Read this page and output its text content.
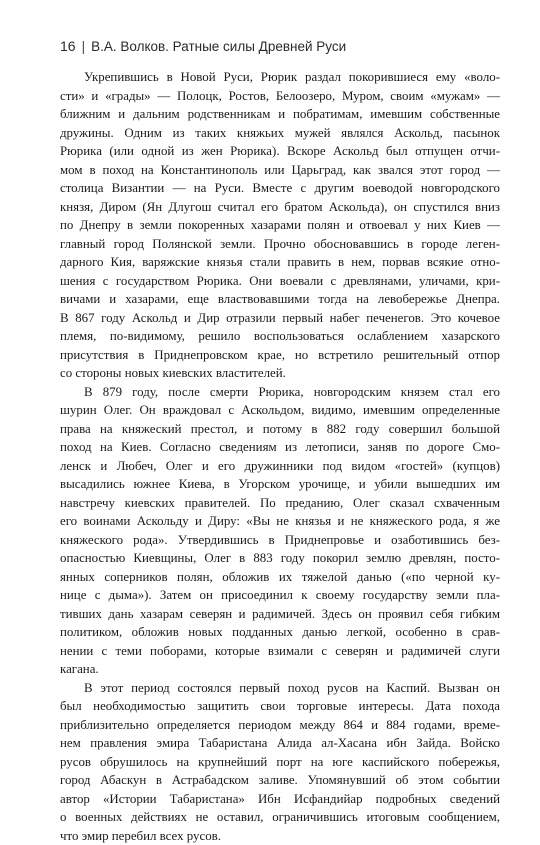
16 | В.А. Волков. Ратные силы Древней Руси
Укрепившись в Новой Руси, Рюрик раздал покорившиеся ему «воло-
сти» и «грады» — Полоцк, Ростов, Белоозеро, Муром, своим «мужам» —
ближним и дальним родственникам и побратимам, имевшим собственные
дружины. Одним из таких княжьих мужей являлся Аскольд, пасынок
Рюрика (или одной из жен Рюрика). Вскоре Аскольд был отпущен отчи-
мом в поход на Константинополь или Царьград, как звался этот город —
столица Византии — на Руси. Вместе с другим воеводой новгородского
князя, Диром (Ян Длугош считал его братом Аскольда), он спустился вниз
по Днепру в земли покоренных хазарами полян и отвоевал у них Киев —
главный город Полянской земли. Прочно обосновавшись в городе леген-
дарного Кия, варяжские князья стали править в нем, порвав всякие отно-
шения с государством Рюрика. Они воевали с древлянами, уличами, кри-
вичами и хазарами, еще властвовавшими тогда на левобережье Днепра.
В 867 году Аскольд и Дир отразили первый набег печенегов. Это кочевое
племя, по-видимому, решило воспользоваться ослаблением хазарского
присутствия в Приднепровском крае, но встретило решительный отпор
со стороны новых киевских властителей.
В 879 году, после смерти Рюрика, новгородским князем стал его
шурин Олег. Он враждовал с Аскольдом, видимо, имевшим определенные
права на княжеский престол, и потому в 882 году совершил большой
поход на Киев. Согласно сведениям из летописи, заняв по дороге Смо-
ленск и Любеч, Олег и его дружинники под видом «гостей» (купцов)
высадились южнее Киева, в Угорском урочище, и убили вышедших им
навстречу киевских правителей. По преданию, Олег сказал схваченным
его воинами Аскольду и Диру: «Вы не князья и не княжеского рода, я же
княжеского рода». Утвердившись в Приднепровье и озаботившись без-
опасностью Киевщины, Олег в 883 году покорил землю древлян, посто-
янных соперников полян, обложив их тяжелой данью («по черной ку-
нице с дыма»). Затем он присоединил к своему государству земли пла-
тивших дань хазарам северян и радимичей. Здесь он проявил себя гибким
политиком, обложив новых подданных данью легкой, особенно в срав-
нении с теми поборами, которые взимали с северян и радимичей слуги
кагана.
В этот период состоялся первый поход русов на Каспий. Вызван он
был необходимостью защитить свои торговые интересы. Дата похода
приблизительно определяется периодом между 864 и 884 годами, време-
нем правления эмира Табаристана Алида ал-Хасана ибн Зайда. Войско
русов обрушилось на крупнейший порт на юге каспийского побережья,
город Абаскун в Астрабадском заливе. Упомянувший об этом событии
автор «Истории Табаристана» Ибн Исфандийар подробных сведений
о военных действиях не оставил, ограничившись итоговым сообщением,
что эмир перебил всех русов.
